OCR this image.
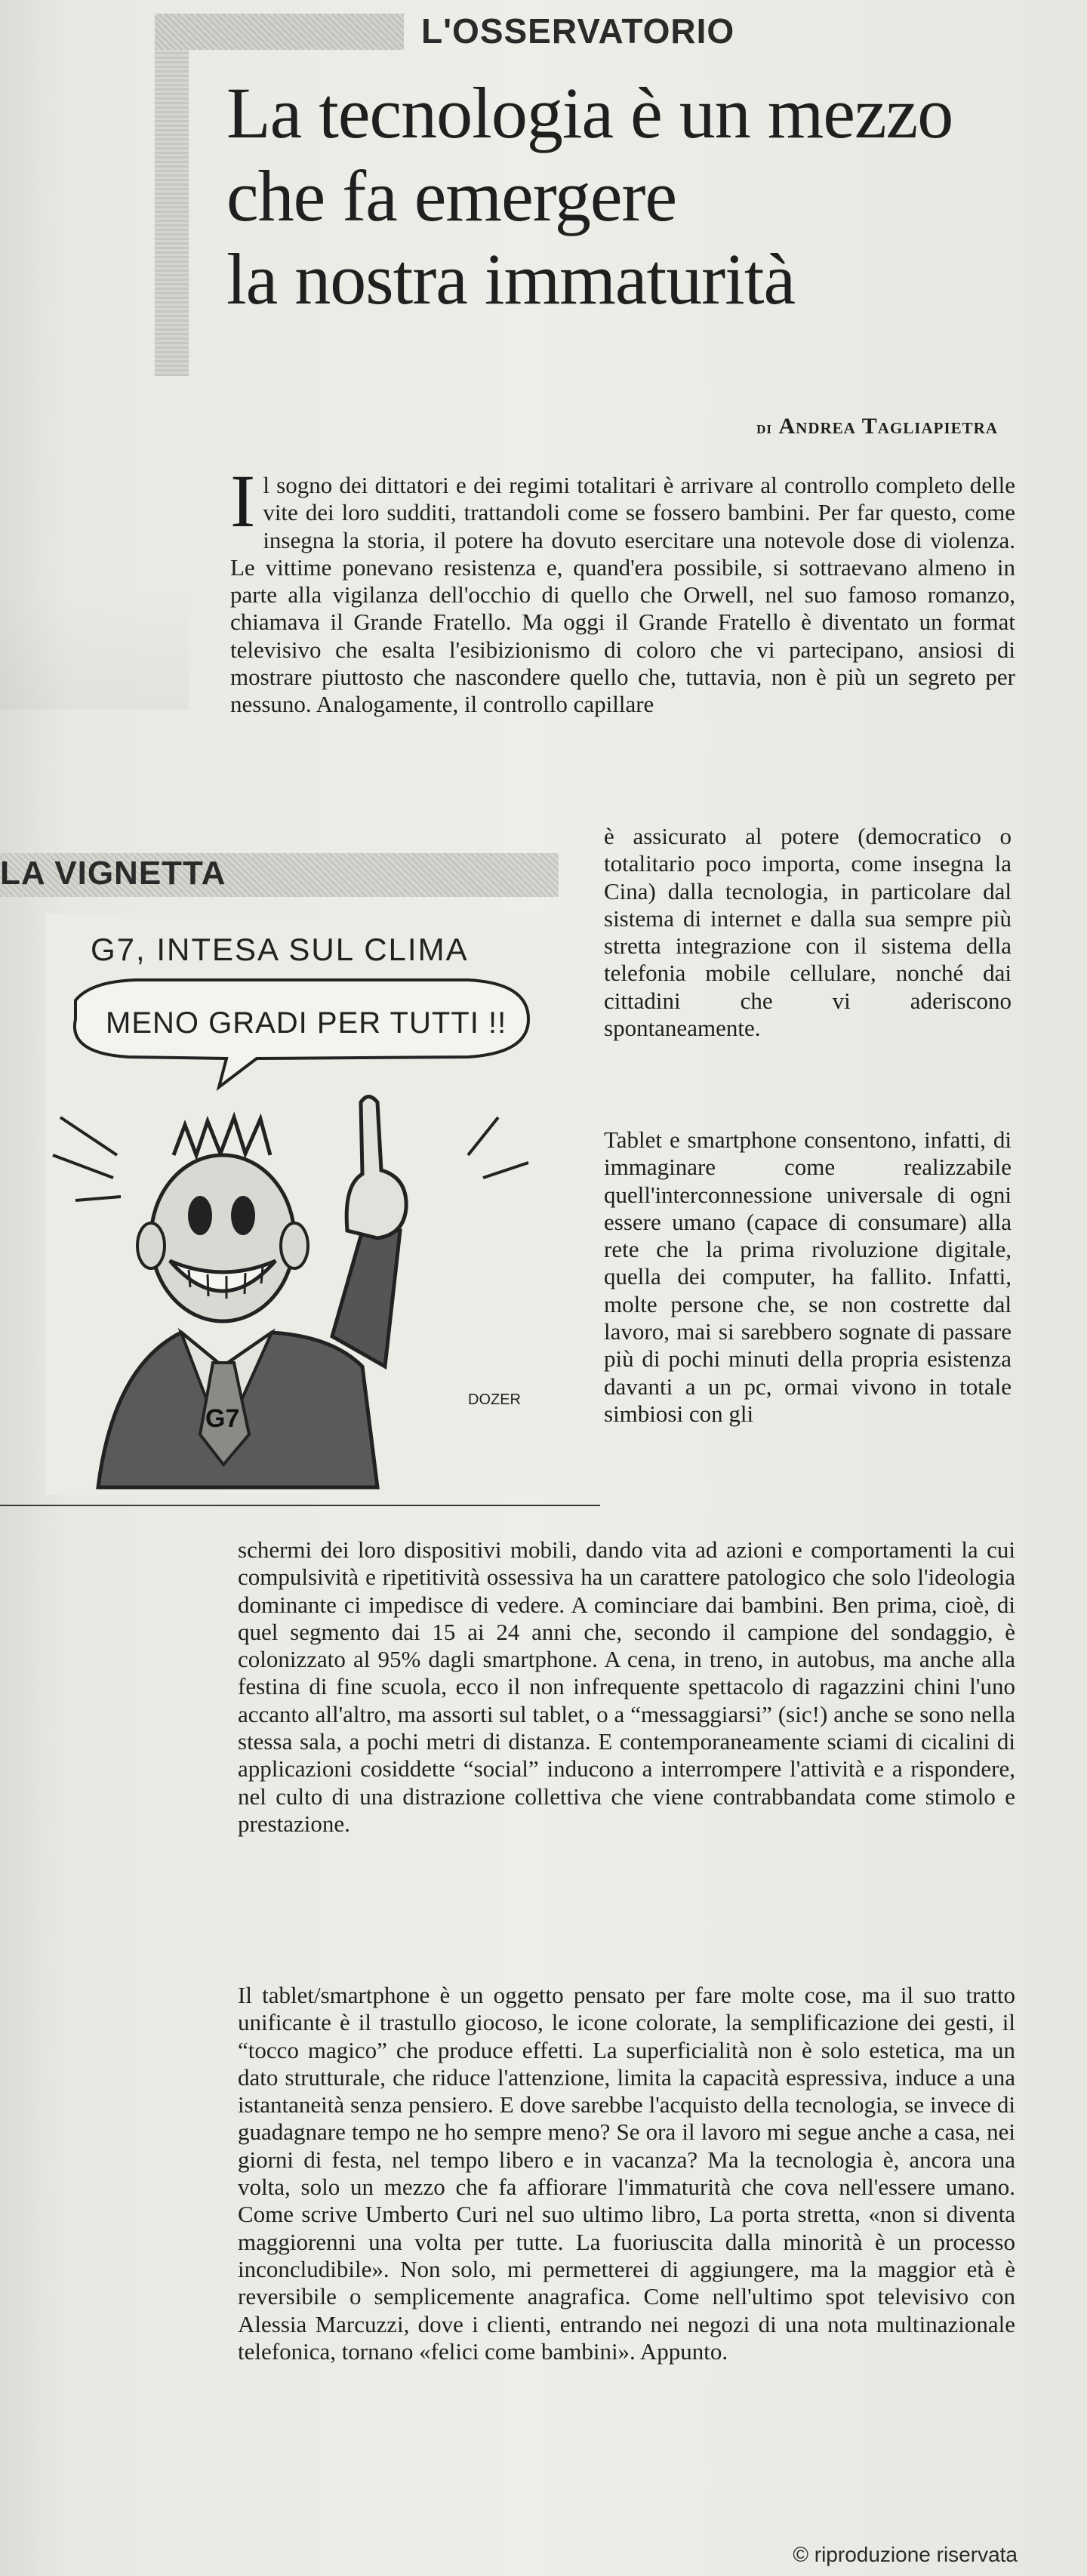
L'OSSERVATORIO
La tecnologia è un mezzo
che fa emergere
la nostra immaturità
di Andrea Tagliapietra
I l sogno dei dittatori e dei regimi totalitari è arrivare al controllo completo delle vite dei loro sudditi, trattandoli come se fossero bambini. Per far questo, come insegna la storia, il potere ha dovuto esercitare una notevole dose di violenza. Le vittime ponevano resistenza e, quand'era possibile, si sottraevano almeno in parte alla vigilanza dell'occhio di quello che Orwell, nel suo famoso romanzo, chiamava il Grande Fratello. Ma oggi il Grande Fratello è diventato un format televisivo che esalta l'esibizionismo di coloro che vi partecipano, ansiosi di mostrare piuttosto che nascondere quello che, tuttavia, non è più un segreto per nessuno. Analogamente, il controllo capillare
è assicurato al potere (democratico o totalitario poco importa, come insegna la Cina) dalla tecnologia, in particolare dal sistema di internet e dalla sua sempre più stretta integrazione con il sistema della telefonia mobile cellulare, nonché dai cittadini che vi aderiscono spontaneamente.
Tablet e smartphone consentono, infatti, di immaginare come realizzabile quell'interconnessione universale di ogni essere umano (capace di consumare) alla rete che la prima rivoluzione digitale, quella dei computer, ha fallito. Infatti, molte persone che, se non costrette dal lavoro, mai si sarebbero sognate di passare più di pochi minuti della propria esistenza davanti a un pc, ormai vivono in totale simbiosi con gli
schermi dei loro dispositivi mobili, dando vita ad azioni e comportamenti la cui compulsività e ripetitività ossessiva ha un carattere patologico che solo l'ideologia dominante ci impedisce di vedere. A cominciare dai bambini. Ben prima, cioè, di quel segmento dai 15 ai 24 anni che, secondo il campione del sondaggio, è colonizzato al 95% dagli smartphone. A cena, in treno, in autobus, ma anche alla festina di fine scuola, ecco il non infrequente spettacolo di ragazzini chini l'uno accanto all'altro, ma assorti sul tablet, o a “messaggiarsi” (sic!) anche se sono nella stessa sala, a pochi metri di distanza. E contemporaneamente sciami di cicalini di applicazioni cosiddette “social” inducono a interrompere l'attività e a rispondere, nel culto di una distrazione collettiva che viene contrabbandata come stimolo e prestazione.
Il tablet/smartphone è un oggetto pensato per fare molte cose, ma il suo tratto unificante è il trastullo giocoso, le icone colorate, la semplificazione dei gesti, il “tocco magico” che produce effetti. La superficialità non è solo estetica, ma un dato strutturale, che riduce l'attenzione, limita la capacità espressiva, induce a una istantaneità senza pensiero. E dove sarebbe l'acquisto della tecnologia, se invece di guadagnare tempo ne ho sempre meno? Se ora il lavoro mi segue anche a casa, nei giorni di festa, nel tempo libero e in vacanza? Ma la tecnologia è, ancora una volta, solo un mezzo che fa affiorare l'immaturità che cova nell'essere umano. Come scrive Umberto Curi nel suo ultimo libro, La porta stretta, «non si diventa maggiorenni una volta per tutte. La fuoriuscita dalla minorità è un processo inconcludibile». Non solo, mi permetterei di aggiungere, ma la maggior età è reversibile o semplicemente anagrafica. Come nell'ultimo spot televisivo con Alessia Marcuzzi, dove i clienti, entrando nei negozi di una nota multinazionale telefonica, tornano «felici come bambini». Appunto.
LA VIGNETTA
G7, INTESA SUL CLIMA
MENO GRADI PER TUTTI !!
G7
DOZER
© riproduzione riservata
